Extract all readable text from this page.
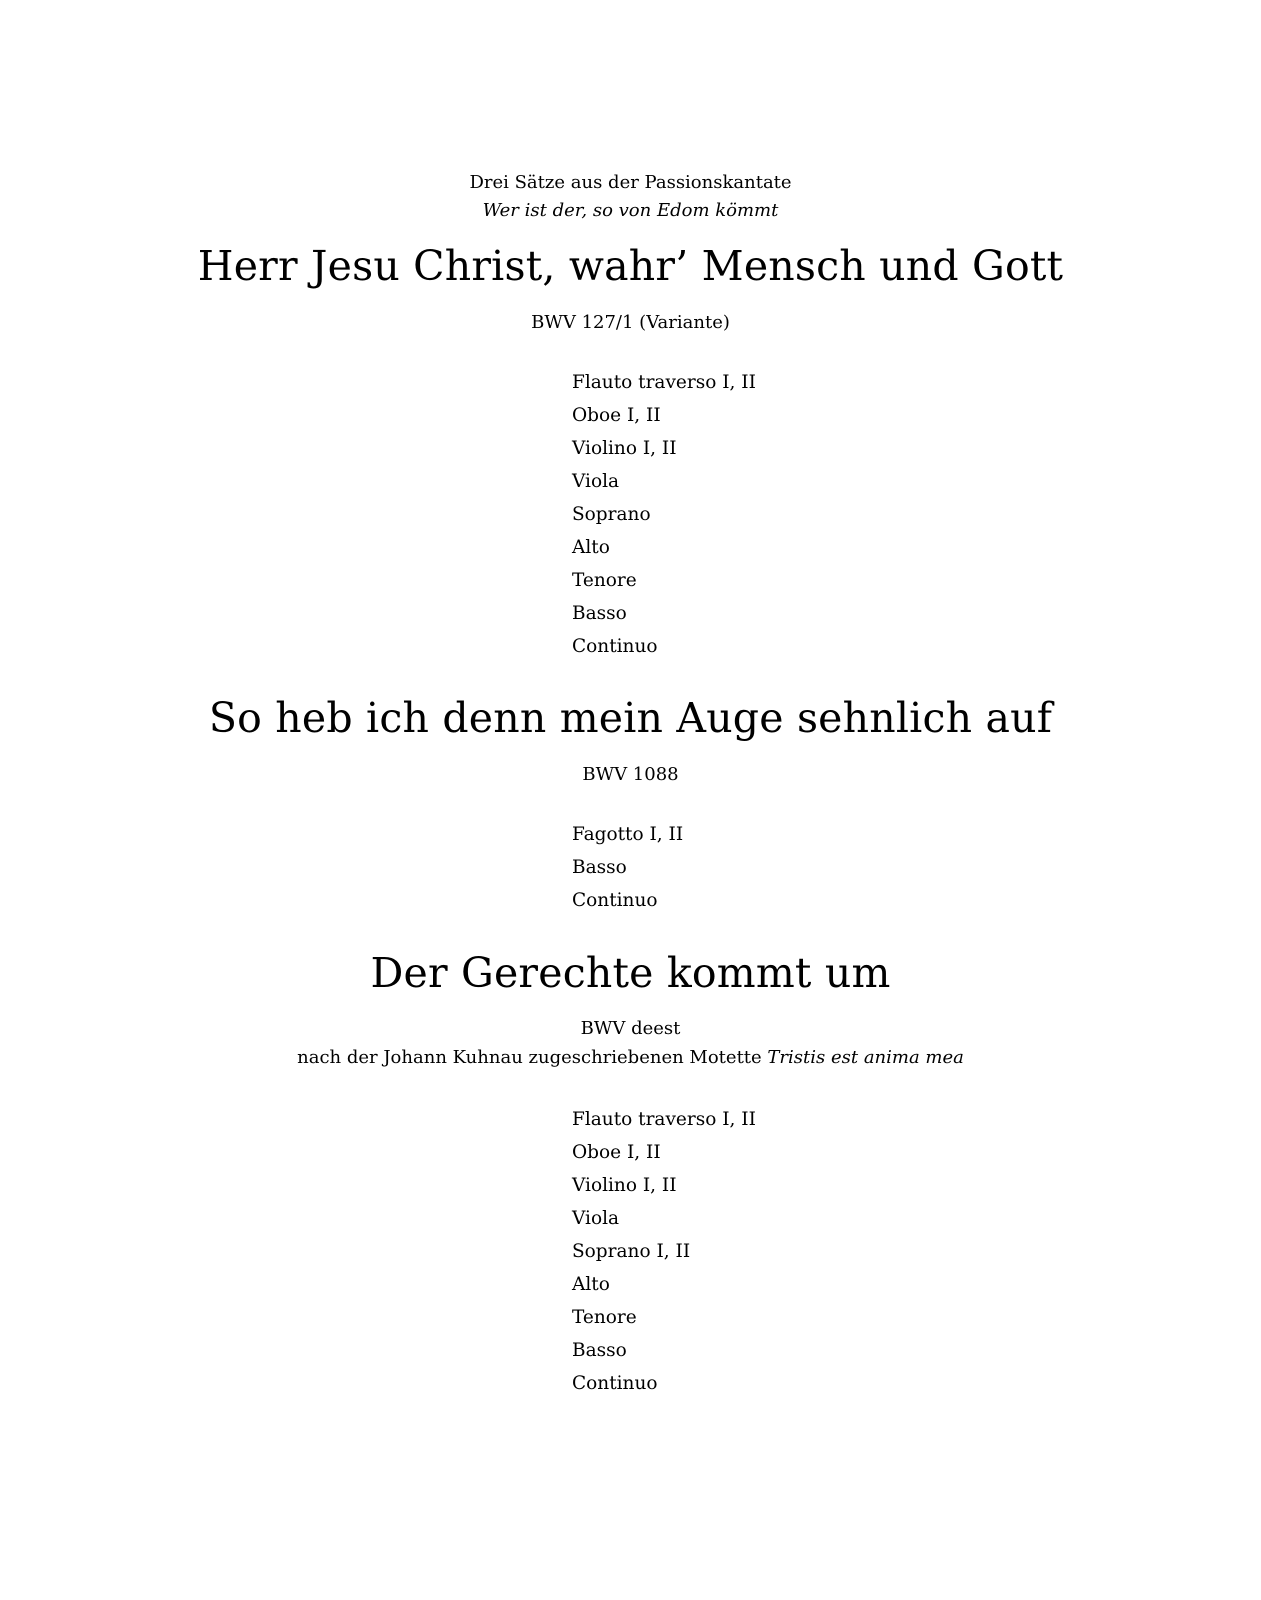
Drei Sätze aus der Passionskantate
Wer ist der, so von Edom kömmt
Herr Jesu Christ, wahr’ Mensch und Gott
BWV 127/1 (Variante)
Flauto traverso I, II
Oboe I, II
Violino I, II
Viola
Soprano
Alto
Tenore
Basso
Continuo
So heb ich denn mein Auge sehnlich auf
BWV 1088
Fagotto I, II
Basso
Continuo
Der Gerechte kommt um
BWV deest
nach der Johann Kuhnau zugeschriebenen Motette Tristis est anima mea
Flauto traverso I, II
Oboe I, II
Violino I, II
Viola
Soprano I, II
Alto
Tenore
Basso
Continuo
